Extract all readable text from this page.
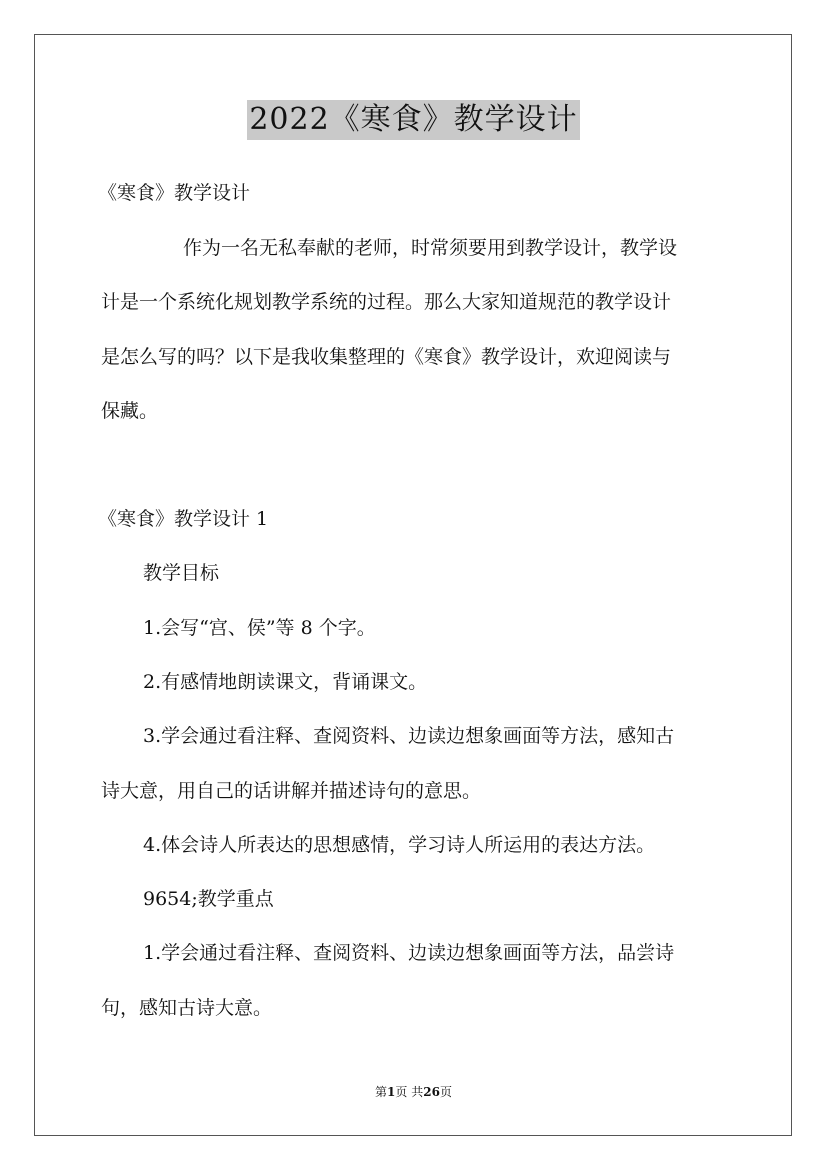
2022《寒食》教学设计
《寒食》教学设计
作为一名无私奉献的老师，时常须要用到教学设计，教学设
计是一个系统化规划教学系统的过程。那么大家知道规范的教学设计
是怎么写的吗？以下是我收集整理的《寒食》教学设计，欢迎阅读与
保藏。
《寒食》教学设计 1
教学目标
1.会写“宫、侯”等 8 个字。
2.有感情地朗读课文，背诵课文。
3.学会通过看注释、查阅资料、边读边想象画面等方法，感知古
诗大意，用自己的话讲解并描述诗句的意思。
4.体会诗人所表达的思想感情，学习诗人所运用的表达方法。
9654;教学重点
1.学会通过看注释、查阅资料、边读边想象画面等方法，品尝诗
句，感知古诗大意。
第1页 共26页
